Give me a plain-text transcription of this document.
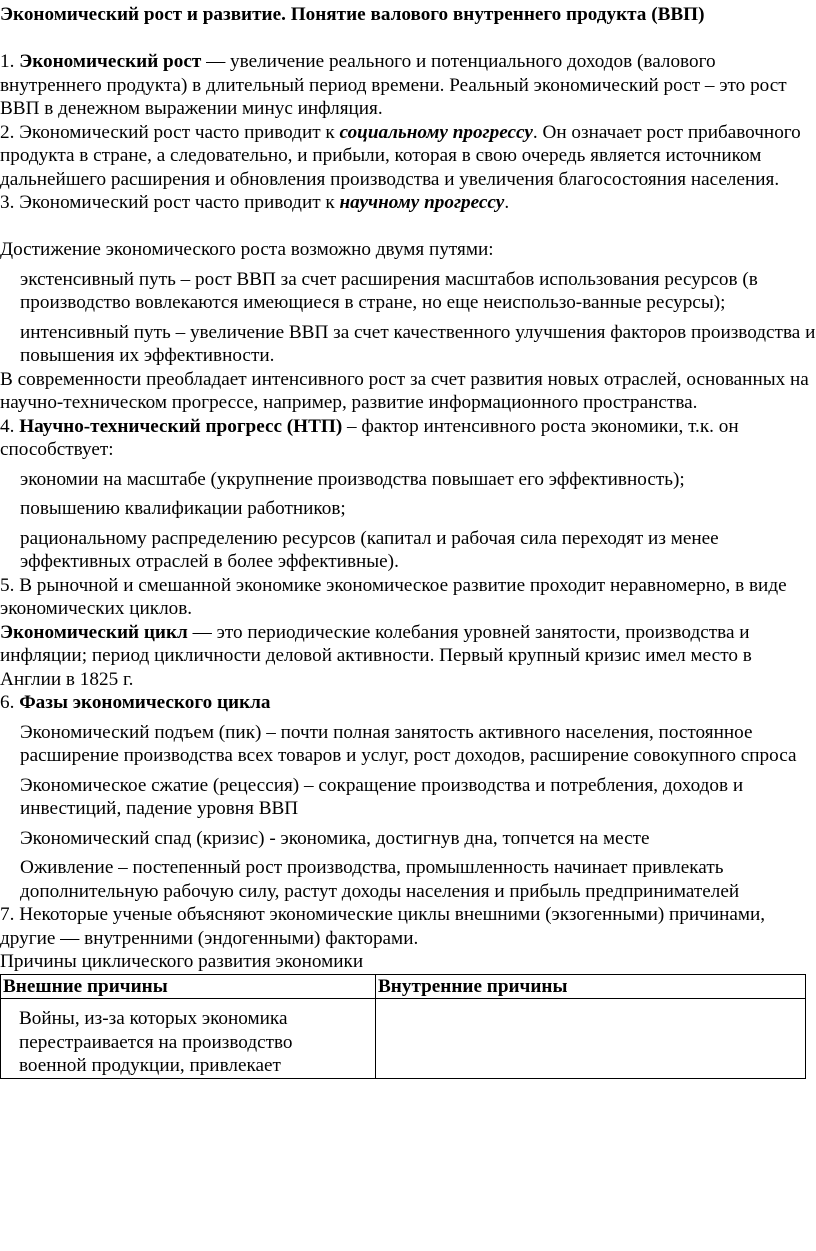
Экономический рост и развитие. Понятие валового внутреннего продукта (ВВП)

1. Экономический рост — увеличение реального и потенциального доходов (валового внутреннего продукта) в длительный период времени. Реальный экономический рост – это рост ВВП в денежном выражении минус инфляция.

2. Экономический рост часто приводит к социальному прогрессу. Он означает рост прибавочного продукта в стране, а следовательно, и прибыли, которая в свою очередь является источником дальнейшего расширения и обновления производства и увеличения благосостояния населения.

3. Экономический рост часто приводит к научному прогрессу.

Достижение экономического роста возможно двумя путями:

экстенсивный путь – рост ВВП за счет расширения масштабов использования ресурсов (в производство вовлекаются имеющиеся в стране, но еще неиспользо-ванные ресурсы);

интенсивный путь – увеличение ВВП за счет качественного улучшения факторов производства и повышения их эффективности.

В современности преобладает интенсивного рост за счет развития новых отраслей, основанных на научно-техническом прогрессе, например, развитие информационного пространства.

4. Научно-технический прогресс (НТП) – фактор интенсивного роста экономики, т.к. он способствует:

экономии на масштабе (укрупнение производства повышает его эффективность);

повышению квалификации работников;

рациональному распределению ресурсов (капитал и рабочая сила переходят из менее эффективных отраслей в более эффективные).

5. В рыночной и смешанной экономике экономическое развитие проходит неравномерно, в виде экономических циклов.

Экономический цикл — это периодические колебания уровней занятости, производства и инфляции; период цикличности деловой активности. Первый крупный кризис имел место в Англии в 1825 г.

6. Фазы экономического цикла

Экономический подъем (пик) – почти полная занятость активного населения, постоянное расширение производства всех товаров и услуг, рост доходов, расширение совокупного спроса

Экономическое сжатие (рецессия) – сокращение производства и потребления, доходов и инвестиций, падение уровня ВВП

Экономический спад (кризис) - экономика, достигнув дна, топчется на месте

Оживление – постепенный рост производства, промышленность начинает привлекать дополнительную рабочую силу, растут доходы населения и прибыль предпринимателей

7. Некоторые ученые объясняют экономические циклы внешними (экзогенными) причинами, другие — внутренними (эндогенными) факторами.

Причины циклического развития экономики

Внешние причины	Внутренние причины

Войны, из-за которых экономика перестраивается на производство военной продукции, привлекает	
